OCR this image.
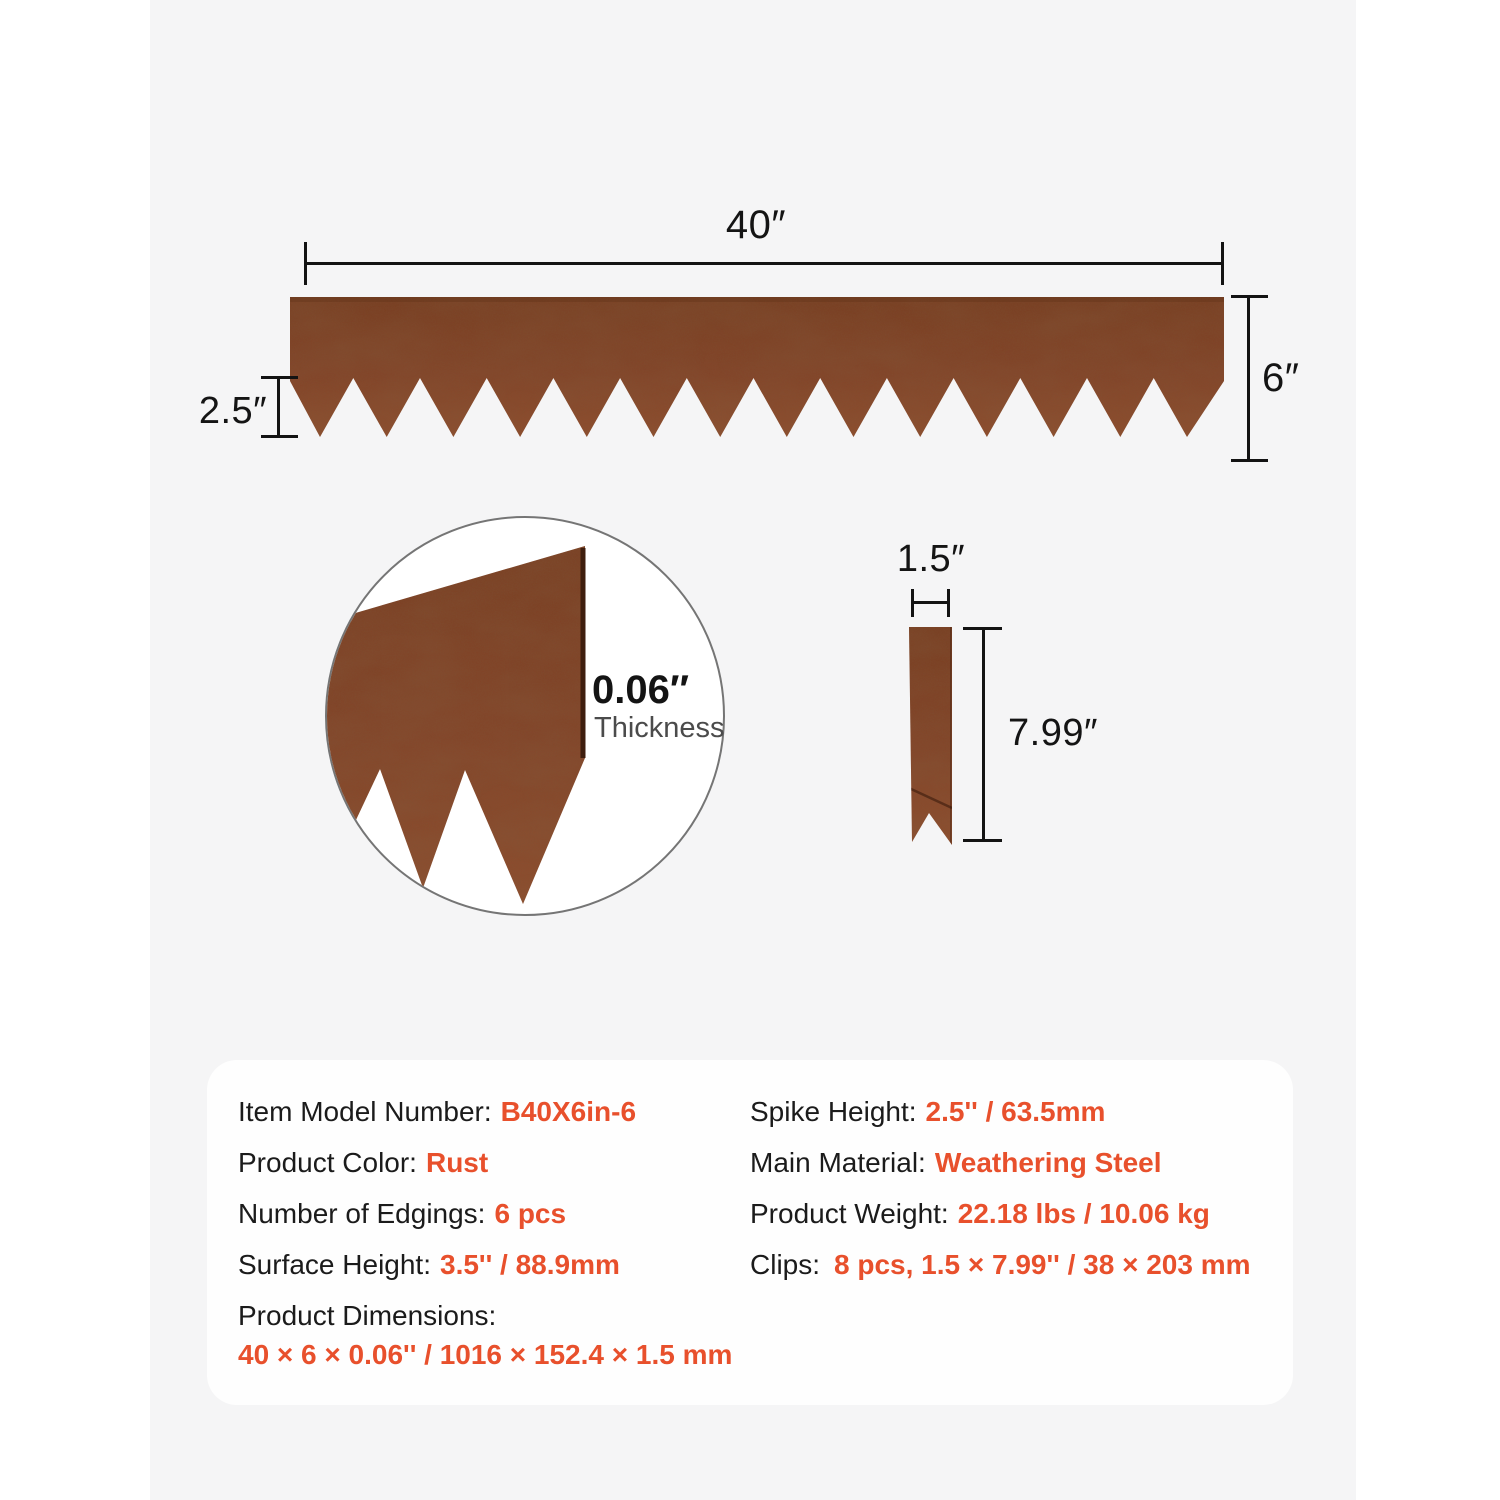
40″
6″
2.5″
0.06″
Thickness
1.5″
7.99″
Item Model Number: B40X6in-6
Product Color: Rust
Number of Edgings: 6 pcs
Surface Height: 3.5'' / 88.9mm
Product Dimensions:
40 × 6 × 0.06'' / 1016 × 152.4 × 1.5 mm
Spike Height: 2.5'' / 63.5mm
Main Material: Weathering Steel
Product Weight: 22.18 lbs / 10.06 kg
Clips: 8 pcs, 1.5 × 7.99'' / 38 × 203 mm
